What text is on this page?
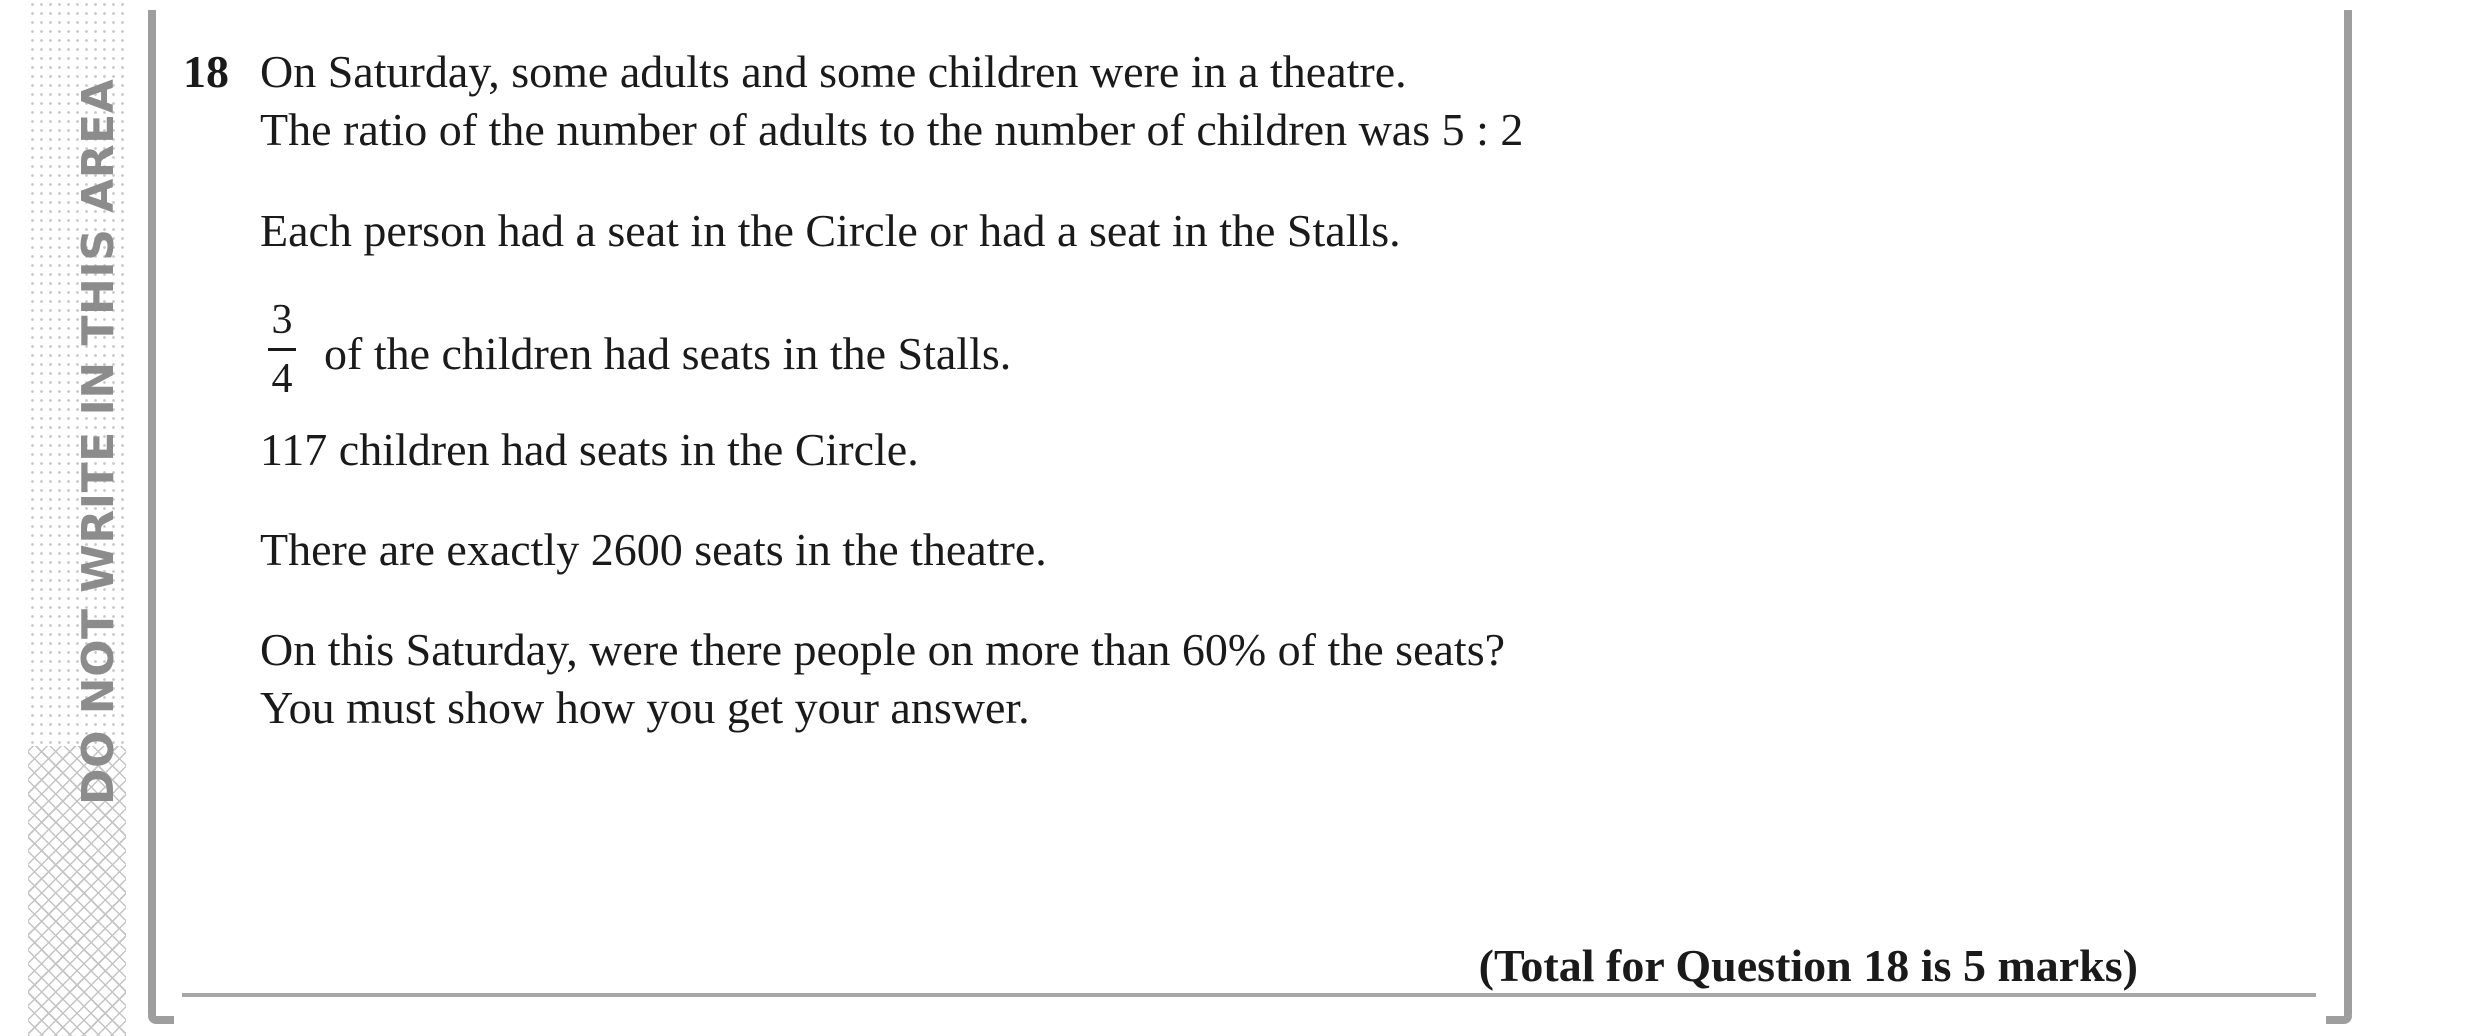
DO NOT WRITE IN THIS AREA
18 On Saturday, some adults and some children were in a theatre.
The ratio of the number of adults to the number of children was 5 : 2
Each person had a seat in the Circle or had a seat in the Stalls.
3
4 of the children had seats in the Stalls.
117 children had seats in the Circle.
There are exactly 2600 seats in the theatre.
On this Saturday, were there people on more than 60% of the seats?
You must show how you get your answer.
(Total for Question 18 is 5 marks)
